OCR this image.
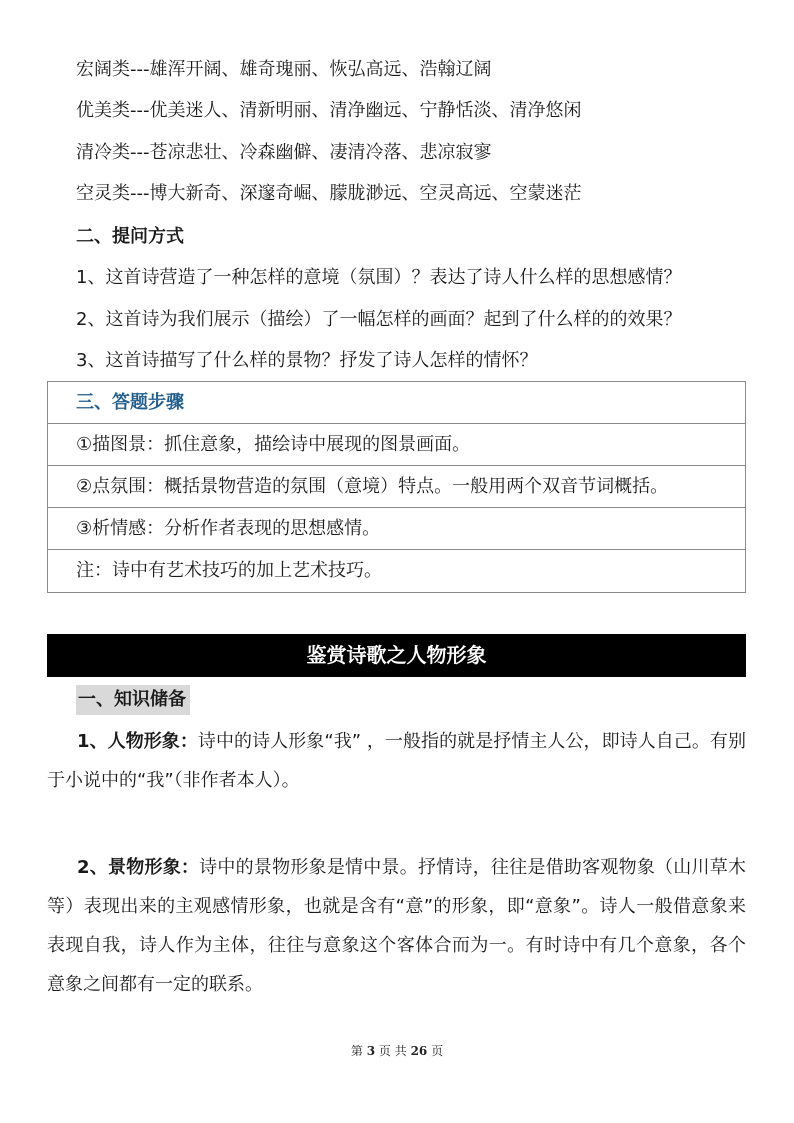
宏阔类---雄浑开阔、雄奇瑰丽、恢弘高远、浩翰辽阔
优美类---优美迷人、清新明丽、清净幽远、宁静恬淡、清净悠闲
清冷类---苍凉悲壮、冷森幽僻、凄清冷落、悲凉寂寥
空灵类---博大新奇、深邃奇崛、朦胧渺远、空灵高远、空蒙迷茫
二、提问方式
1、这首诗营造了一种怎样的意境（氛围）？表达了诗人什么样的思想感情？
2、这首诗为我们展示（描绘）了一幅怎样的画面？起到了什么样的的效果？
3、这首诗描写了什么样的景物？抒发了诗人怎样的情怀？
三、答题步骤
①描图景：抓住意象，描绘诗中展现的图景画面。
②点氛围：概括景物营造的氛围（意境）特点。一般用两个双音节词概括。
③析情感：分析作者表现的思想感情。
注：诗中有艺术技巧的加上艺术技巧。
鉴赏诗歌之人物形象
一、知识储备
1、人物形象：诗中的诗人形象“我” ，一般指的就是抒情主人公，即诗人自己。有别于小说中的“我”（非作者本人）。
2、景物形象：诗中的景物形象是情中景。抒情诗，往往是借助客观物象（山川草木等）表现出来的主观感情形象，也就是含有“意”的形象，即“意象”。诗人一般借意象来表现自我，诗人作为主体，往往与意象这个客体合而为一。有时诗中有几个意象，各个意象之间都有一定的联系。
第 3 页 共 26 页
